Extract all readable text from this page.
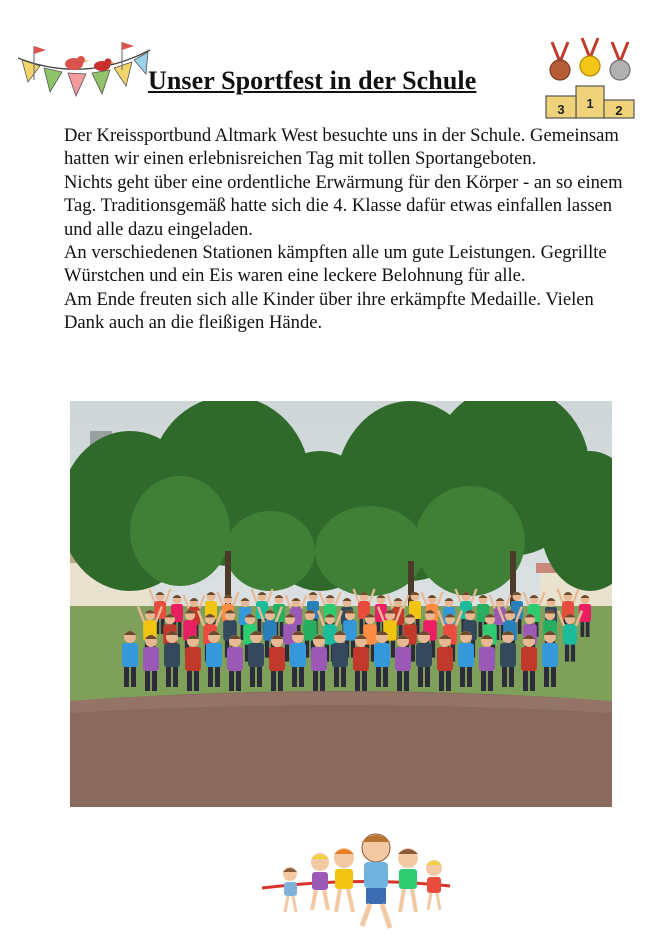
Unser Sportfest in der Schule
1
3	2

Der Kreissportbund Altmark West besuchte uns in der Schule. Gemeinsam hatten wir einen erlebnisreichen Tag mit tollen Sportangeboten.

Nichts geht über eine ordentliche Erwärmung für den Körper - an so einem Tag. Traditionsgemäß hatte sich die 4. Klasse dafür etwas einfallen lassen und alle dazu eingeladen.

An verschiedenen Stationen kämpften alle um gute Leistungen. Gegrillte Würstchen und ein Eis waren eine leckere Belohnung für alle.

Am Ende freuten sich alle Kinder über ihre erkämpfte Medaille. Vielen Dank auch an die fleißigen Hände.
